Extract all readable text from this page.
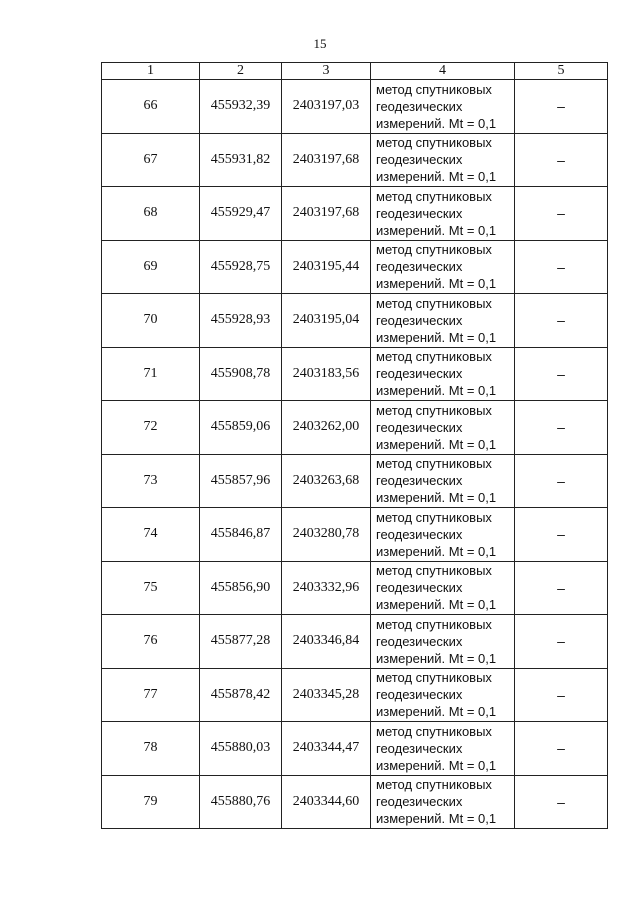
15
1	2	3	4	5
66	455932,39	2403197,03	метод спутниковых
геодезических
измерений. Mt = 0,1	–
67	455931,82	2403197,68	метод спутниковых
геодезических
измерений. Mt = 0,1	–
68	455929,47	2403197,68	метод спутниковых
геодезических
измерений. Mt = 0,1	–
69	455928,75	2403195,44	метод спутниковых
геодезических
измерений. Mt = 0,1	–
70	455928,93	2403195,04	метод спутниковых
геодезических
измерений. Mt = 0,1	–
71	455908,78	2403183,56	метод спутниковых
геодезических
измерений. Mt = 0,1	–
72	455859,06	2403262,00	метод спутниковых
геодезических
измерений. Mt = 0,1	–
73	455857,96	2403263,68	метод спутниковых
геодезических
измерений. Mt = 0,1	–
74	455846,87	2403280,78	метод спутниковых
геодезических
измерений. Mt = 0,1	–
75	455856,90	2403332,96	метод спутниковых
геодезических
измерений. Mt = 0,1	–
76	455877,28	2403346,84	метод спутниковых
геодезических
измерений. Mt = 0,1	–
77	455878,42	2403345,28	метод спутниковых
геодезических
измерений. Mt = 0,1	–
78	455880,03	2403344,47	метод спутниковых
геодезических
измерений. Mt = 0,1	–
79	455880,76	2403344,60	метод спутниковых
геодезических
измерений. Mt = 0,1	–
